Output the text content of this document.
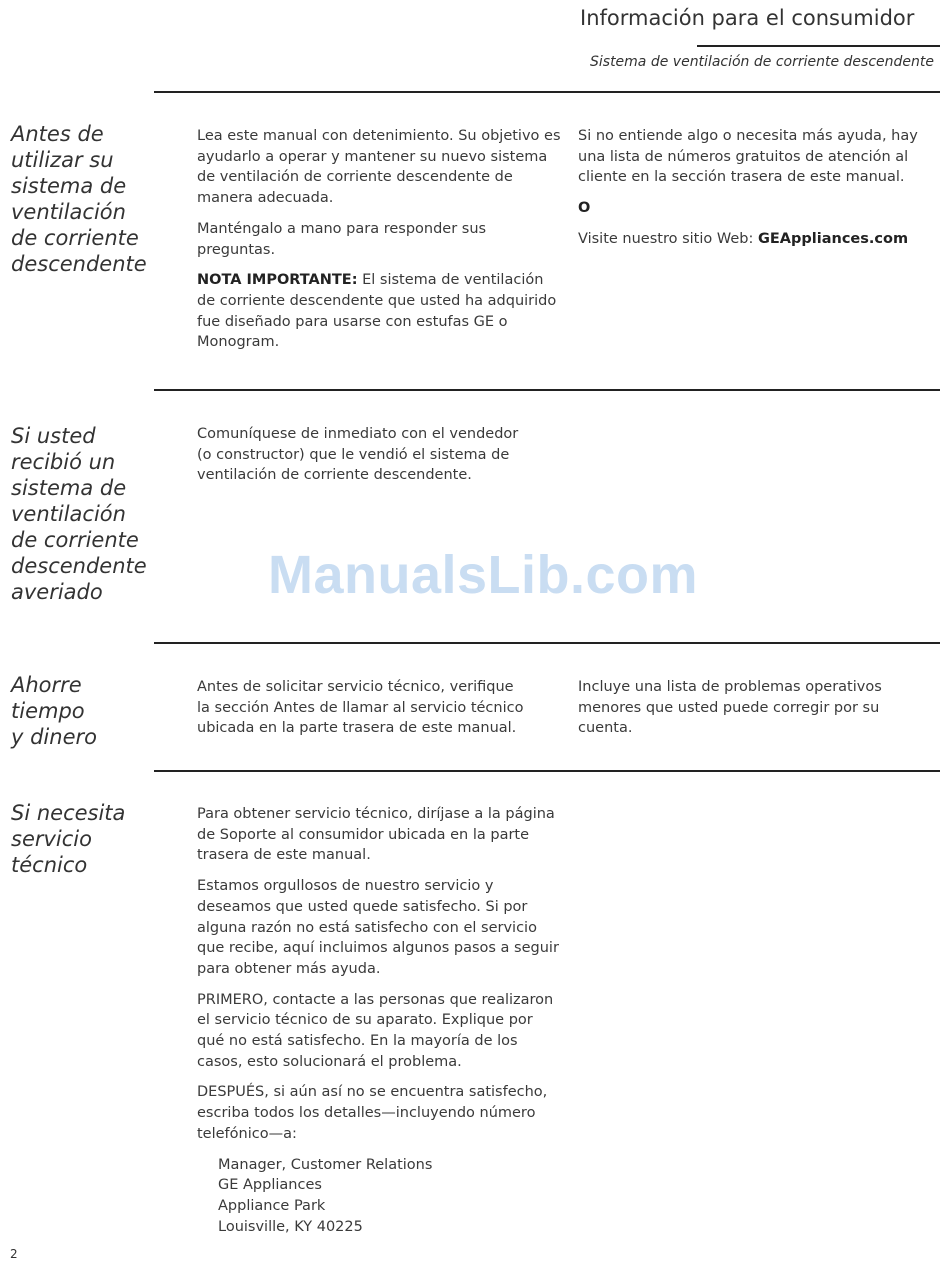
Información para el consumidor
Sistema de ventilación de corriente descendente
Antes de
utilizar su
sistema de
ventilación
de corriente
descendente

Lea este manual con detenimiento. Su objetivo es ayudarlo a operar y mantener su nuevo sistema de ventilación de corriente descendente de manera adecuada.

Manténgalo a mano para responder sus preguntas.

NOTA IMPORTANTE: El sistema de ventilación de corriente descendente que usted ha adquirido fue diseñado para usarse con estufas GE o Monogram.

Si no entiende algo o necesita más ayuda, hay una lista de números gratuitos de atención al cliente en la sección trasera de este manual.

O

Visite nuestro sitio Web: GEAppliances.com

Si usted
recibió un
sistema de
ventilación
de corriente
descendente
averiado

Comuníquese de inmediato con el vendedor (o constructor) que le vendió el sistema de ventilación de corriente descendente.

ManualsLib.com
Ahorre
tiempo
y dinero

Antes de solicitar servicio técnico, verifique la sección Antes de llamar al servicio técnico ubicada en la parte trasera de este manual.

Incluye una lista de problemas operativos menores que usted puede corregir por su cuenta.

Si necesita
servicio
técnico

Para obtener servicio técnico, diríjase a la página de Soporte al consumidor ubicada en la parte trasera de este manual.

Estamos orgullosos de nuestro servicio y deseamos que usted quede satisfecho. Si por alguna razón no está satisfecho con el servicio que recibe, aquí incluimos algunos pasos a seguir para obtener más ayuda.

PRIMERO, contacte a las personas que realizaron el servicio técnico de su aparato. Explique por qué no está satisfecho. En la mayoría de los casos, esto solucionará el problema.

DESPUÉS, si aún así no se encuentra satisfecho, escriba todos los detalles—incluyendo número telefónico—a:

Manager, Customer Relations
GE Appliances
Appliance Park
Louisville, KY 40225
2
